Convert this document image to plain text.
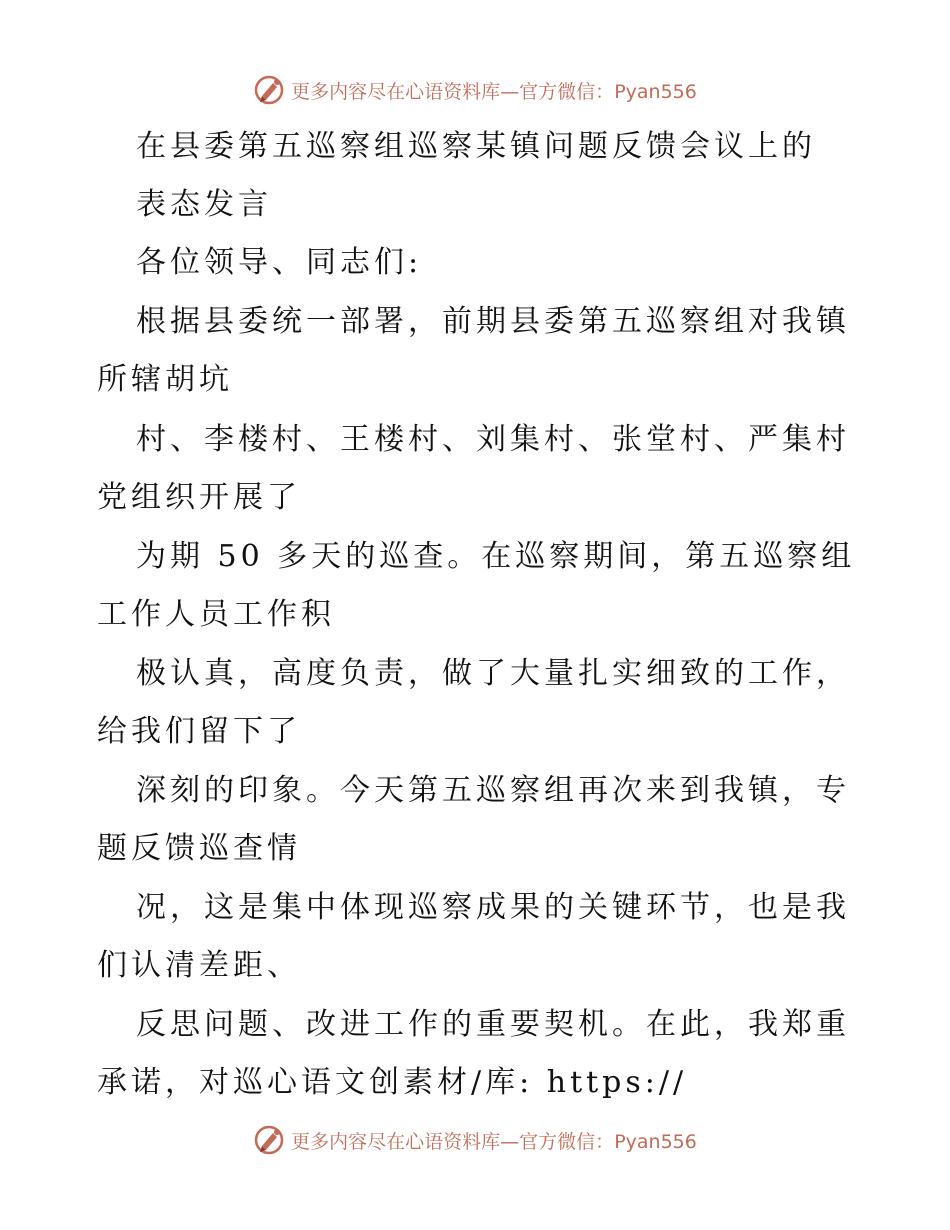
更多内容尽在心语资料库—官方微信：Pyan556
在县委第五巡察组巡察某镇问题反馈会议上的
表态发言
各位领导、同志们:
根据县委统一部署，前期县委第五巡察组对我镇
所辖胡坑
村、李楼村、王楼村、刘集村、张堂村、严集村
党组织开展了
为期 50 多天的巡查。在巡察期间，第五巡察组
工作人员工作积
极认真，高度负责，做了大量扎实细致的工作，
给我们留下了
深刻的印象。今天第五巡察组再次来到我镇，专
题反馈巡查情
况，这是集中体现巡察成果的关键环节，也是我
们认清差距、
反思问题、改进工作的重要契机。在此，我郑重
承诺，对巡心语文创素材/库: https://
更多内容尽在心语资料库—官方微信：Pyan556
